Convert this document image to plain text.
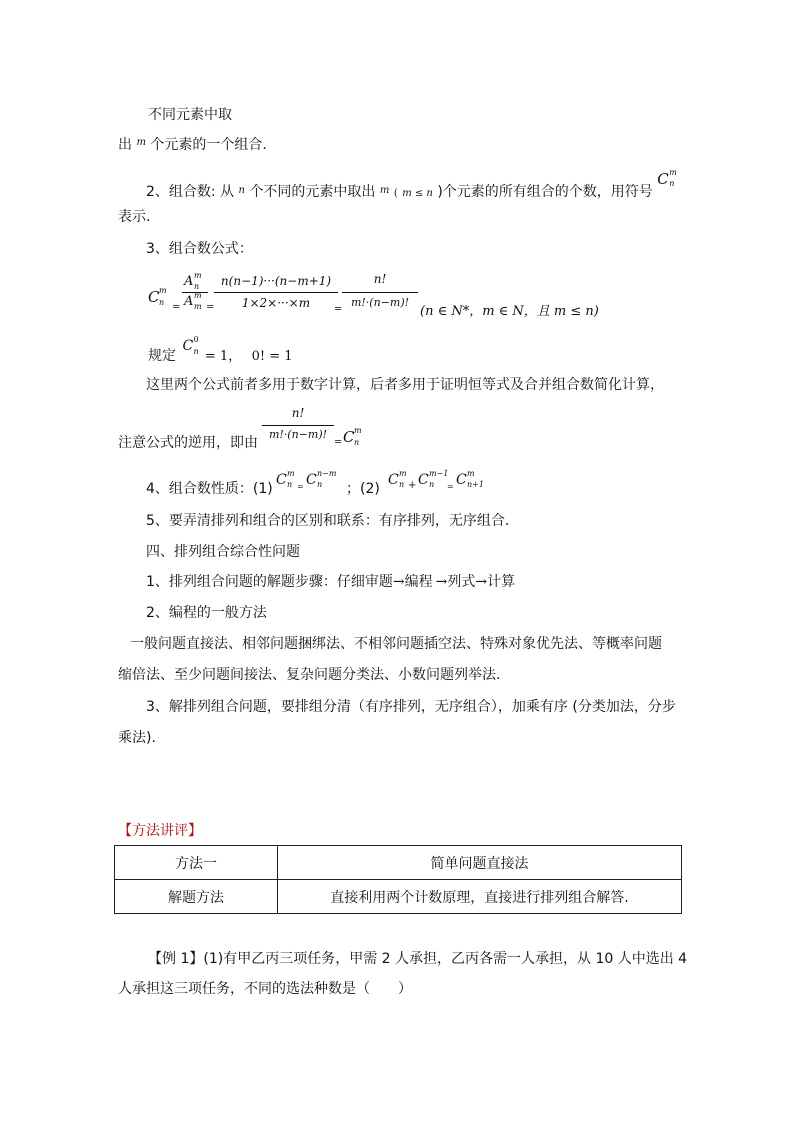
不同元素中取
出 $^m$ 个元素的一个组合.
2、组合数: 从 $^n$ 个不同的元素中取出 $^m$ ( m ≤ n )个元素的所有组合的个数，用符号
C m
n
表示.
3、组合数公式：
C m
n =
A m
n
A m
m =
n(n−1)···(n−m+1)
1×2×···×m	=
n!
m!·(n−m)!
(n ∈ N*，m ∈ N，且 m ≤ n)
规定
C 0
n = 1， 0! = 1
这里两个公式前者多用于数字计算，后者多用于证明恒等式及合并组合数简化计算，
n!
m!·(n−m)!
注意公式的逆用，即由	= C m
n
4、组合数性质：(1)
C m
n = C n−m
n ；(2)
C m
n + C m−1
n = C m
n+1
5、要弄清排列和组合的区别和联系：有序排列，无序组合.
四、排列组合综合性问题
1、排列组合问题的解题步骤：仔细审题→编程 →列式→计算
2、编程的一般方法
一般问题直接法、相邻问题捆绑法、不相邻问题插空法、特殊对象优先法、等概率问题
缩倍法、至少问题间接法、复杂问题分类法、小数问题列举法.
3、解排列组合问题，要排组分清（有序排列，无序组合），加乘有序 (分类加法，分步
乘法).
【方法讲评】
方法一	简单问题直接法
解题方法	直接利用两个计数原理，直接进行排列组合解答.
【例 1】(1)有甲乙丙三项任务，甲需 2 人承担，乙丙各需一人承担，从 10 人中选出 4
人承担这三项任务，不同的选法种数是（　　）
